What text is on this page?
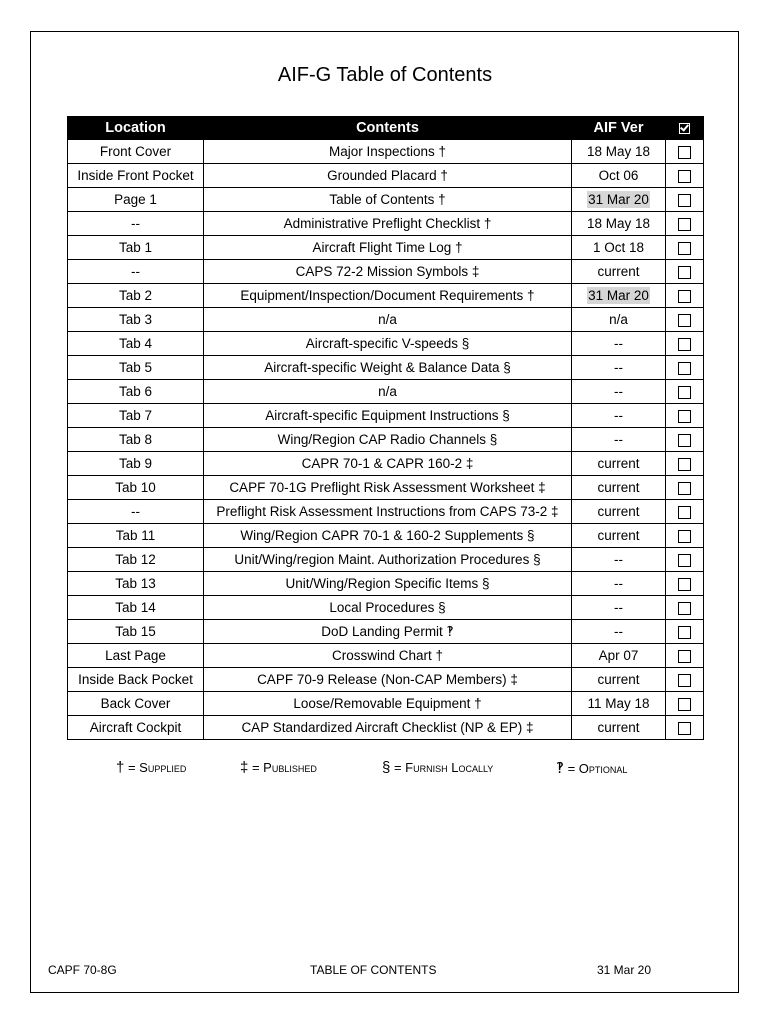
AIF-G Table of Contents
Location	Contents	AIF Ver	
Front Cover	Major Inspections †	18 May 18	
Inside Front Pocket	Grounded Placard †	Oct 06	
Page 1	Table of Contents †	31 Mar 20	
--	Administrative Preflight Checklist †	18 May 18	
Tab 1	Aircraft Flight Time Log †	1 Oct 18	
--	CAPS 72-2 Mission Symbols ‡	current	
Tab 2	Equipment/Inspection/Document Requirements †	31 Mar 20	
Tab 3	n/a	n/a	
Tab 4	Aircraft-specific V-speeds §	--	
Tab 5	Aircraft-specific Weight & Balance Data §	--	
Tab 6	n/a	--	
Tab 7	Aircraft-specific Equipment Instructions §	--	
Tab 8	Wing/Region CAP Radio Channels §	--	
Tab 9	CAPR 70-1 & CAPR 160-2 ‡	current	
Tab 10	CAPF 70-1G Preflight Risk Assessment Worksheet ‡	current	
--	Preflight Risk Assessment Instructions from CAPS 73-2 ‡	current	
Tab 11	Wing/Region CAPR 70-1 & 160-2 Supplements §	current	
Tab 12	Unit/Wing/region Maint. Authorization Procedures §	--	
Tab 13	Unit/Wing/Region Specific Items §	--	
Tab 14	Local Procedures §	--	
Tab 15	DoD Landing Permit ‽	--	
Last Page	Crosswind Chart †	Apr 07	
Inside Back Pocket	CAPF 70-9 Release (Non-CAP Members) ‡	current	
Back Cover	Loose/Removable Equipment †	11 May 18	
Aircraft Cockpit	CAP Standardized Aircraft Checklist (NP & EP) ‡	current	
† = Supplied	‡ = Published	§ = Furnish Locally	‽ = Optional
CAPF 70-8G	TABLE OF CONTENTS	31 Mar 20
